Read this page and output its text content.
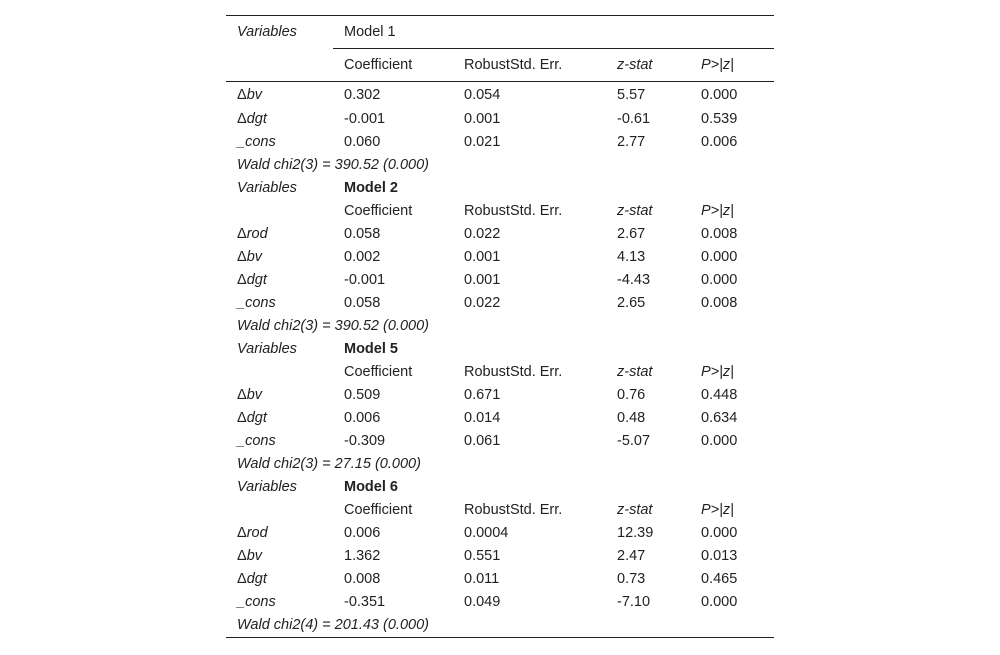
Variables	Model 1			
	Coefficient	RobustStd. Err.	z-stat	P>|z|
Δbv	0.302	0.054	5.57	0.000
Δdgt	-0.001	0.001	-0.61	0.539
_cons	0.060	0.021	2.77	0.006
Wald chi2(3) = 390.52 (0.000)				
Variables	Model 2			
	Coefficient	RobustStd. Err.	z-stat	P>|z|
Δrod	0.058	0.022	2.67	0.008
Δbv	0.002	0.001	4.13	0.000
Δdgt	-0.001	0.001	-4.43	0.000
_cons	0.058	0.022	2.65	0.008
Wald chi2(3) = 390.52 (0.000)				
Variables	Model 5			
	Coefficient	RobustStd. Err.	z-stat	P>|z|
Δbv	0.509	0.671	0.76	0.448
Δdgt	0.006	0.014	0.48	0.634
_cons	-0.309	0.061	-5.07	0.000
Wald chi2(3) = 27.15 (0.000)				
Variables	Model 6			
	Coefficient	RobustStd. Err.	z-stat	P>|z|
Δrod	0.006	0.0004	12.39	0.000
Δbv	1.362	0.551	2.47	0.013
Δdgt	0.008	0.011	0.73	0.465
_cons	-0.351	0.049	-7.10	0.000
Wald chi2(4) = 201.43 (0.000)				
